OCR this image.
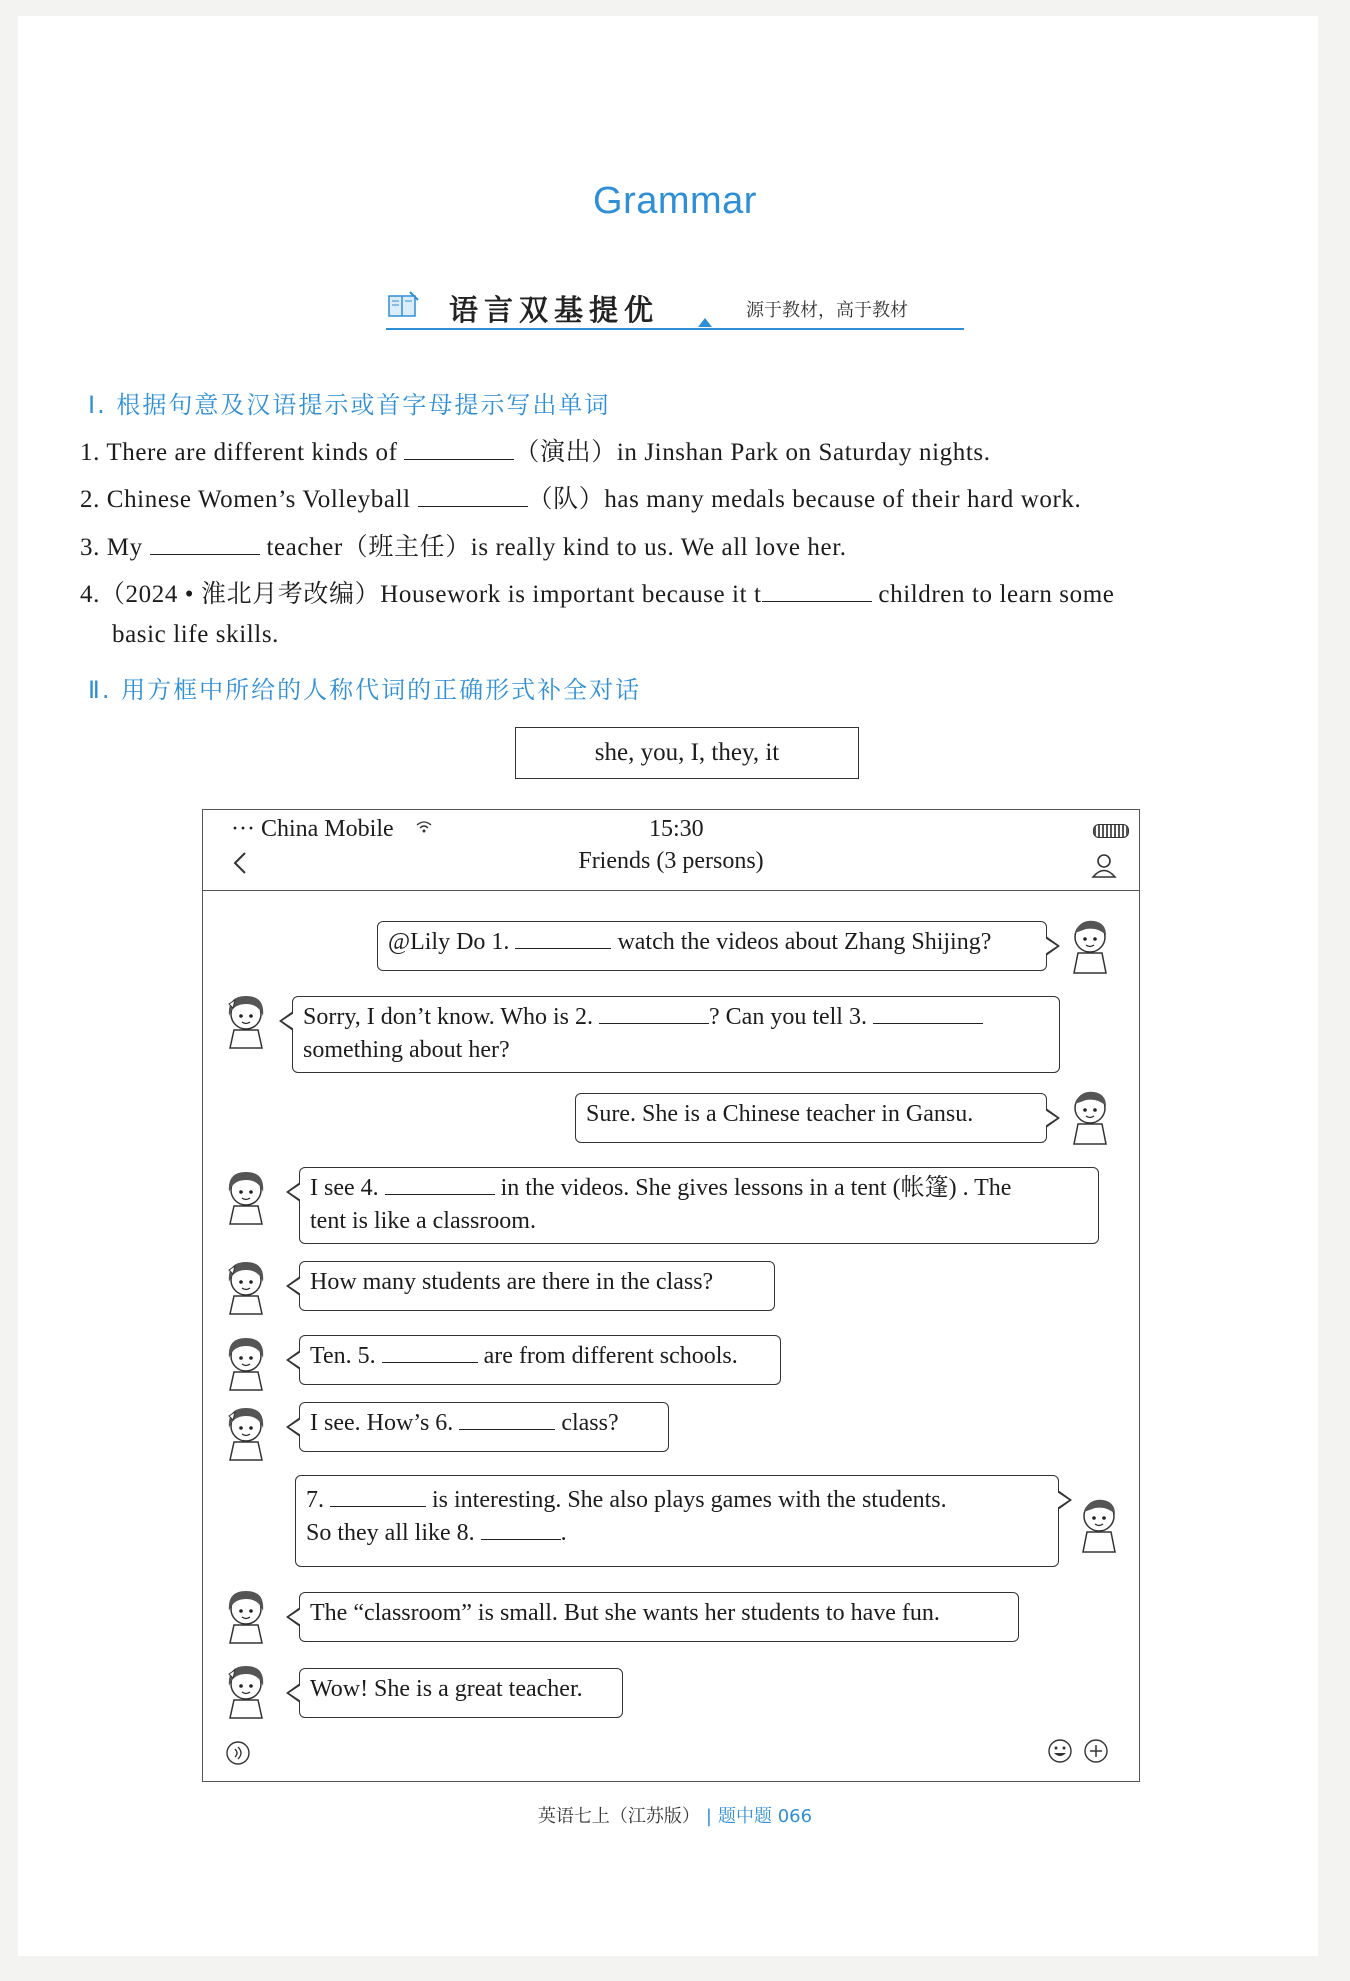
Grammar
语言双基提优	源于教材，高于教材
Ⅰ. 根据句意及汉语提示或首字母提示写出单词
1. There are different kinds of	（演出）in Jinshan Park on Saturday nights.
2. Chinese Women’s Volleyball	（队）has many medals because of their hard work.
3. My	teacher（班主任）is really kind to us. We all love her.
4.（2024 • 淮北月考改编）Housework is important because it t	children to learn some
basic life skills.
Ⅱ. 用方框中所给的人称代词的正确形式补全对话
she, you, I, they, it
··· China Mobile	15:30
Friends (3 persons)
@Lily Do 1.	watch the videos about Zhang Shijing?
Sorry, I don’t know. Who is 2.	? Can you tell 3.
something about her?
Sure. She is a Chinese teacher in Gansu.
I see 4.	in the videos. She gives lessons in a tent (帐篷) . The
tent is like a classroom.
How many students are there in the class?
Ten. 5.	are from different schools.
I see. How’s 6.	class?
7.	is interesting. She also plays games with the students.
So they all like 8.	.
The “classroom” is small. But she wants her students to have fun.
Wow! She is a great teacher.
英语七上（江苏版） | 题中题 066
